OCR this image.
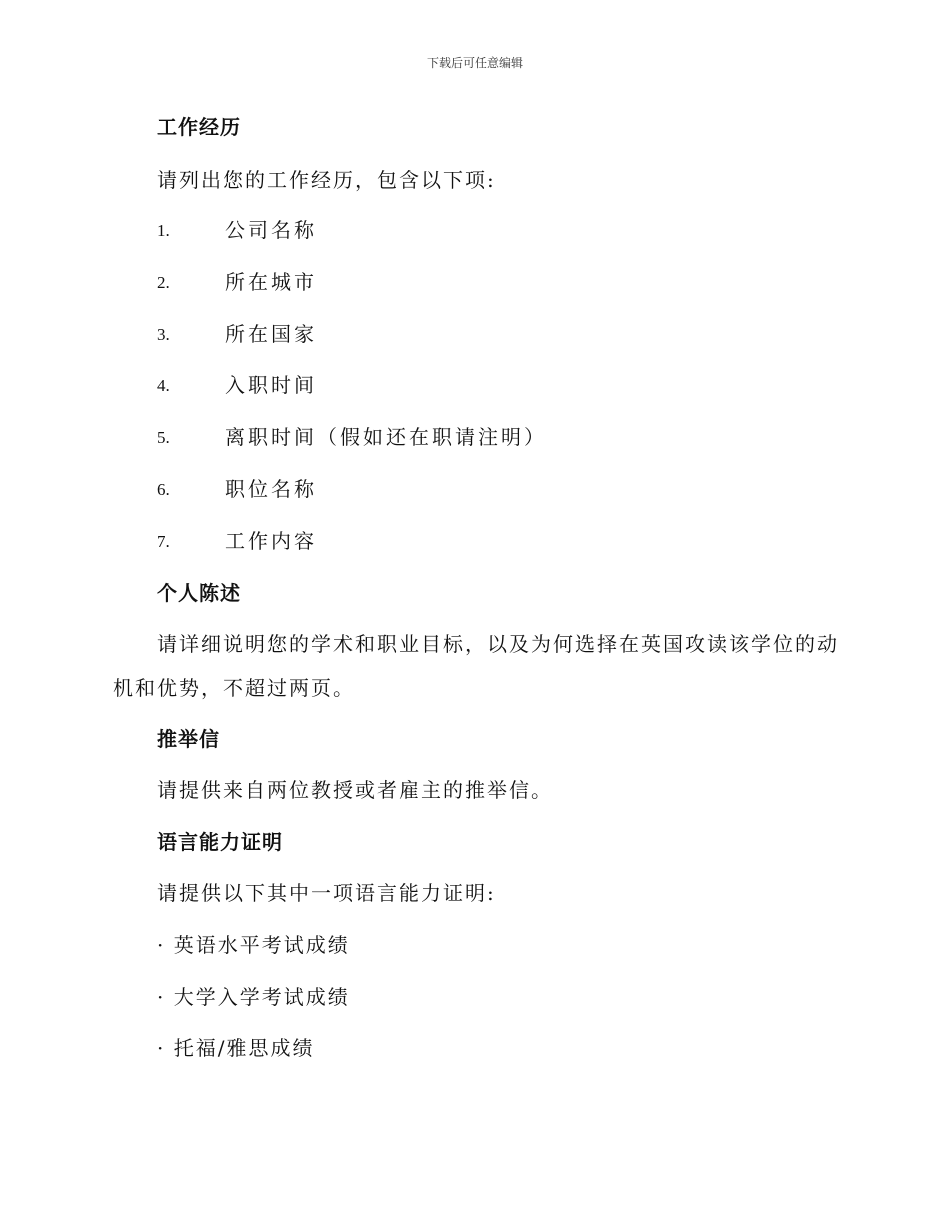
下载后可任意编辑
工作经历
请列出您的工作经历，包含以下项:
1.	公司名称
2.	所在城市
3.	所在国家
4.	入职时间
5.	离职时间（假如还在职请注明）
6.	职位名称
7.	工作内容
个人陈述
请详细说明您的学术和职业目标，以及为何选择在英国攻读该学位的动
机和优势，不超过两页。
推举信
请提供来自两位教授或者雇主的推举信。
语言能力证明
请提供以下其中一项语言能力证明:
· 英语水平考试成绩
· 大学入学考试成绩
· 托福/雅思成绩
